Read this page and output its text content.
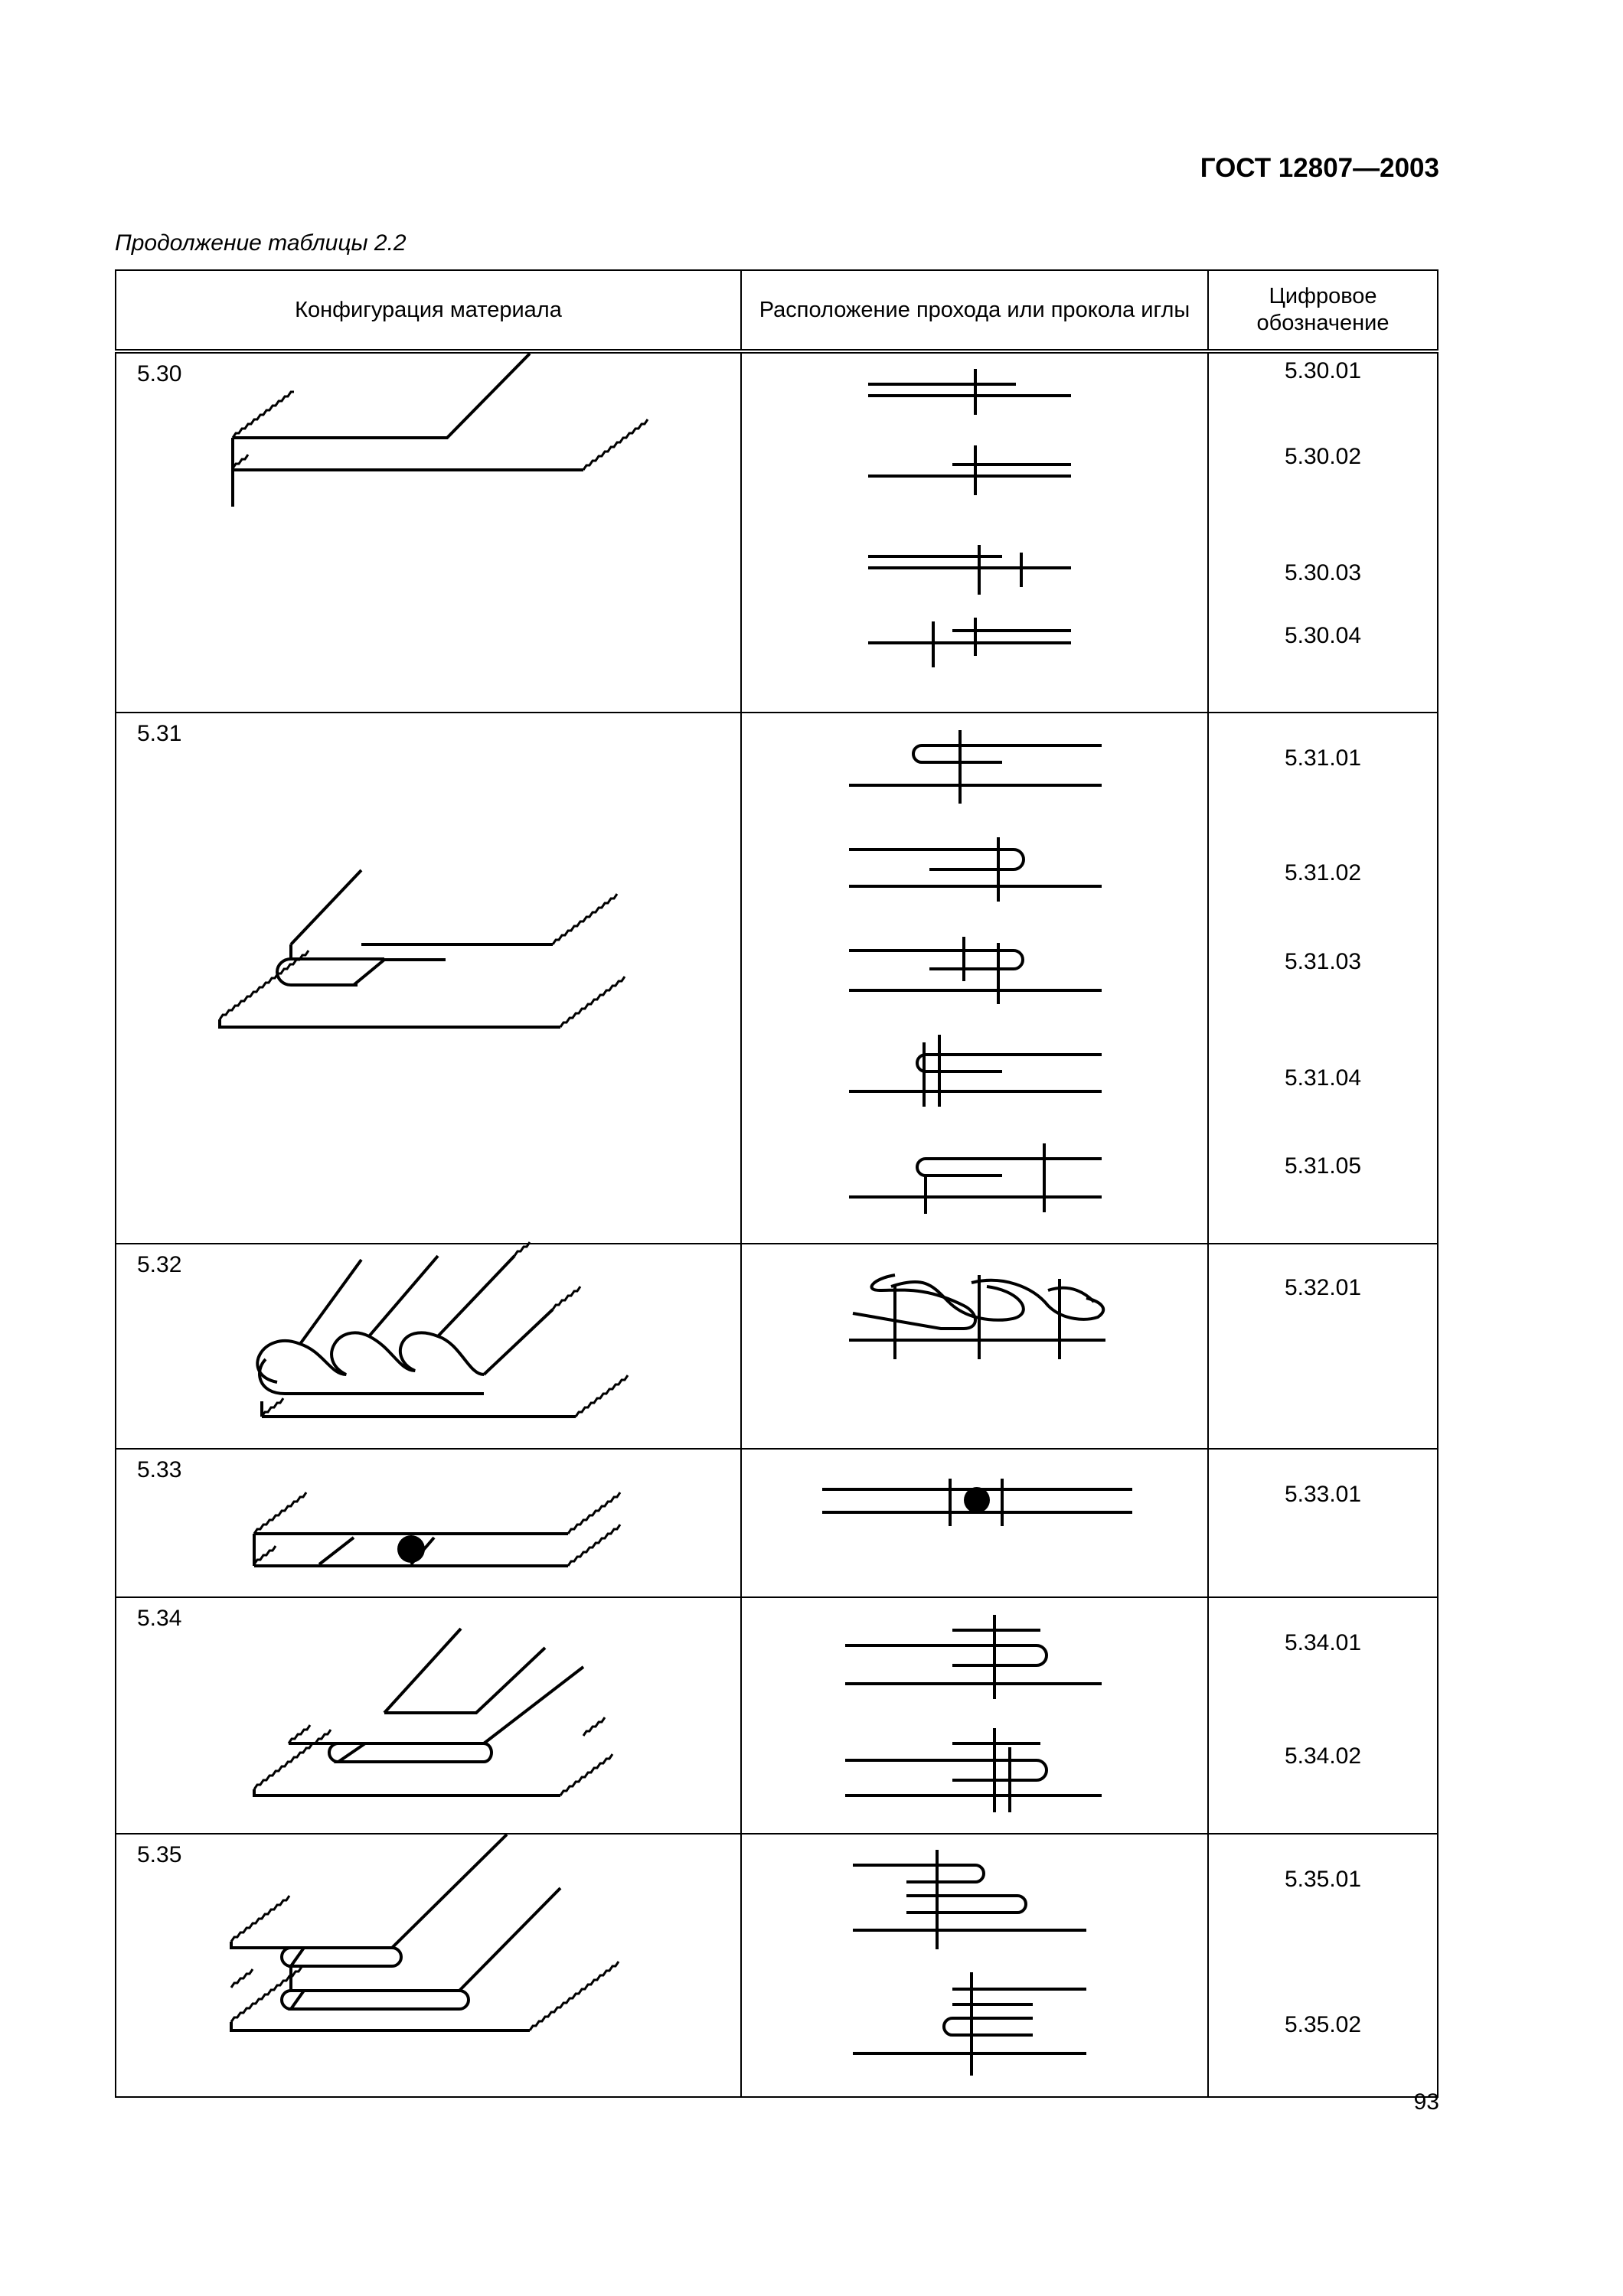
ГОСТ 12807—2003
Продолжение таблицы 2.2
Конфигурация материала	Расположение прохода или прокола иглы	Цифровое обозначение

5.30		5.30.01
5.30.02
5.30.03
5.30.04

5.31		5.31.01
5.31.02
5.31.03
5.31.04
5.31.05

5.32		5.32.01

5.33		5.33.01

5.34		5.34.01
5.34.02

5.35		5.35.01
5.35.02
93
